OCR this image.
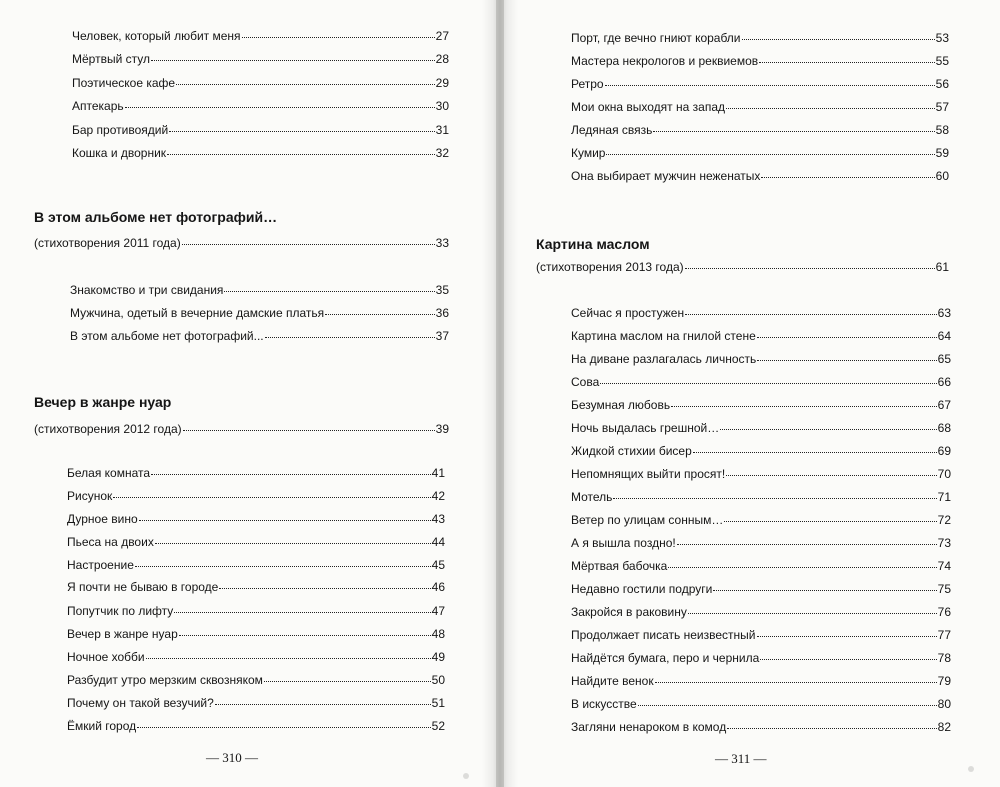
Человек, который любит меня	27
Мёртвый стул	28
Поэтическое кафе	29
Аптекарь	30
Бар противоядий	31
Кошка и дворник	32
В этом альбоме нет фотографий…
(стихотворения 2011 года)	33
Знакомство и три свидания	35
Мужчина, одетый в вечерние дамские платья	36
В этом альбоме нет фотографий...	37
Вечер в жанре нуар
(стихотворения 2012 года)	39
Белая комната	41
Рисунок	42
Дурное вино	43
Пьеса на двоих	44
Настроение	45
Я почти не бываю в городе	46
Попутчик по лифту	47
Вечер в жанре нуар	48
Ночное хобби	49
Разбудит утро мерзким сквозняком	50
Почему он такой везучий?	51
Ёмкий город	52
— 310 —
Порт, где вечно гниют корабли	53
Мастера некрологов и реквиемов	55
Ретро	56
Мои окна выходят на запад	57
Ледяная связь	58
Кумир	59
Она выбирает мужчин неженатых	60
Картина маслом
(стихотворения 2013 года)	61
Сейчас я простужен	63
Картина маслом на гнилой стене	64
На диване разлагалась личность	65
Сова	66
Безумная любовь	67
Ночь выдалась грешной…	68
Жидкой стихии бисер	69
Непомнящих выйти просят!	70
Мотель	71
Ветер по улицам сонным…	72
А я вышла поздно!	73
Мёртвая бабочка	74
Недавно гостили подруги	75
Закройся в раковину	76
Продолжает писать неизвестный	77
Найдётся бумага, перо и чернила	78
Найдите венок	79
В искусстве	80
Загляни ненароком в комод	82
— 311 —
